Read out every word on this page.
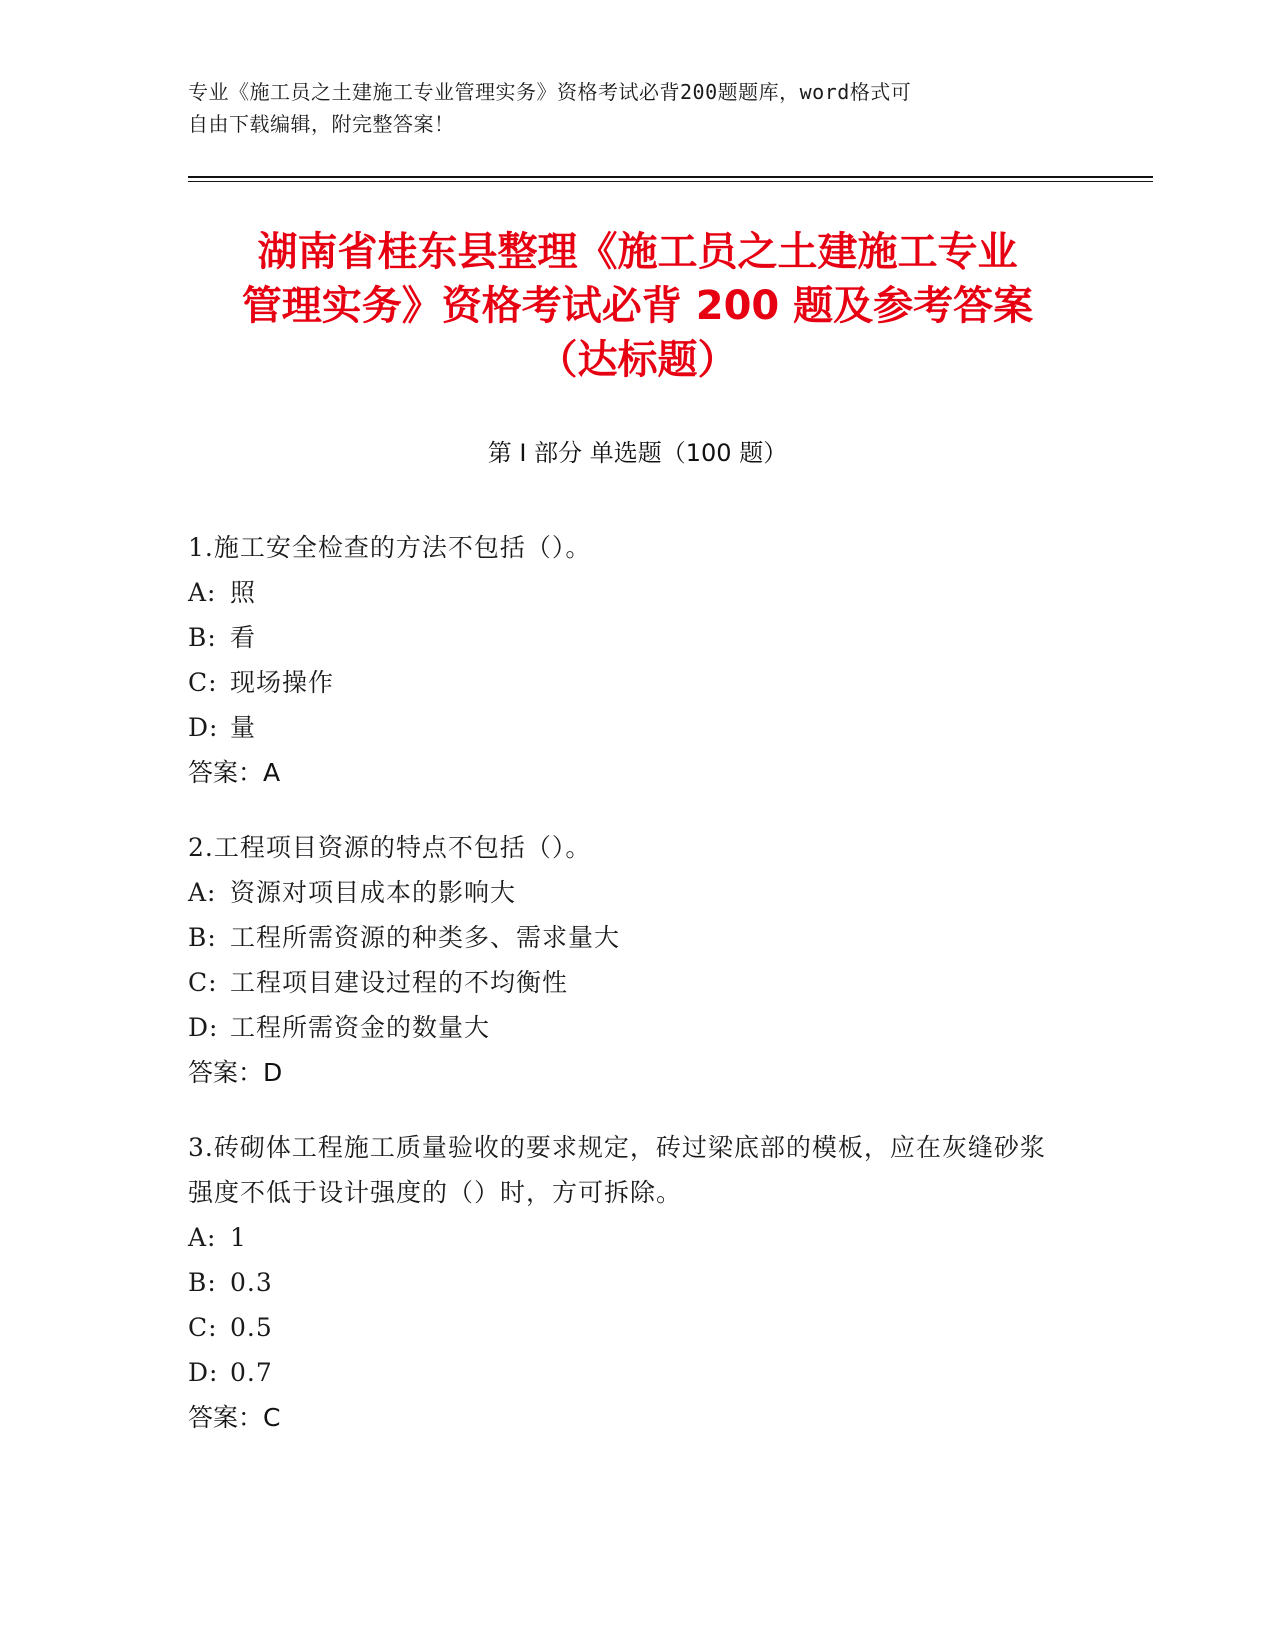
专业《施工员之土建施工专业管理实务》资格考试必背200题题库，word格式可
自由下载编辑，附完整答案！
湖南省桂东县整理《施工员之土建施工专业
管理实务》资格考试必背 200 题及参考答案
（达标题）
第 I 部分 单选题（100 题）
1.施工安全检查的方法不包括（）。
A: 照
B: 看
C: 现场操作
D: 量
答案：A
2.工程项目资源的特点不包括（）。
A: 资源对项目成本的影响大
B: 工程所需资源的种类多、需求量大
C: 工程项目建设过程的不均衡性
D: 工程所需资金的数量大
答案：D
3.砖砌体工程施工质量验收的要求规定，砖过梁底部的模板，应在灰缝砂浆强度不低于设计强度的（）时，方可拆除。
A: 1
B: 0.3
C: 0.5
D: 0.7
答案：C
